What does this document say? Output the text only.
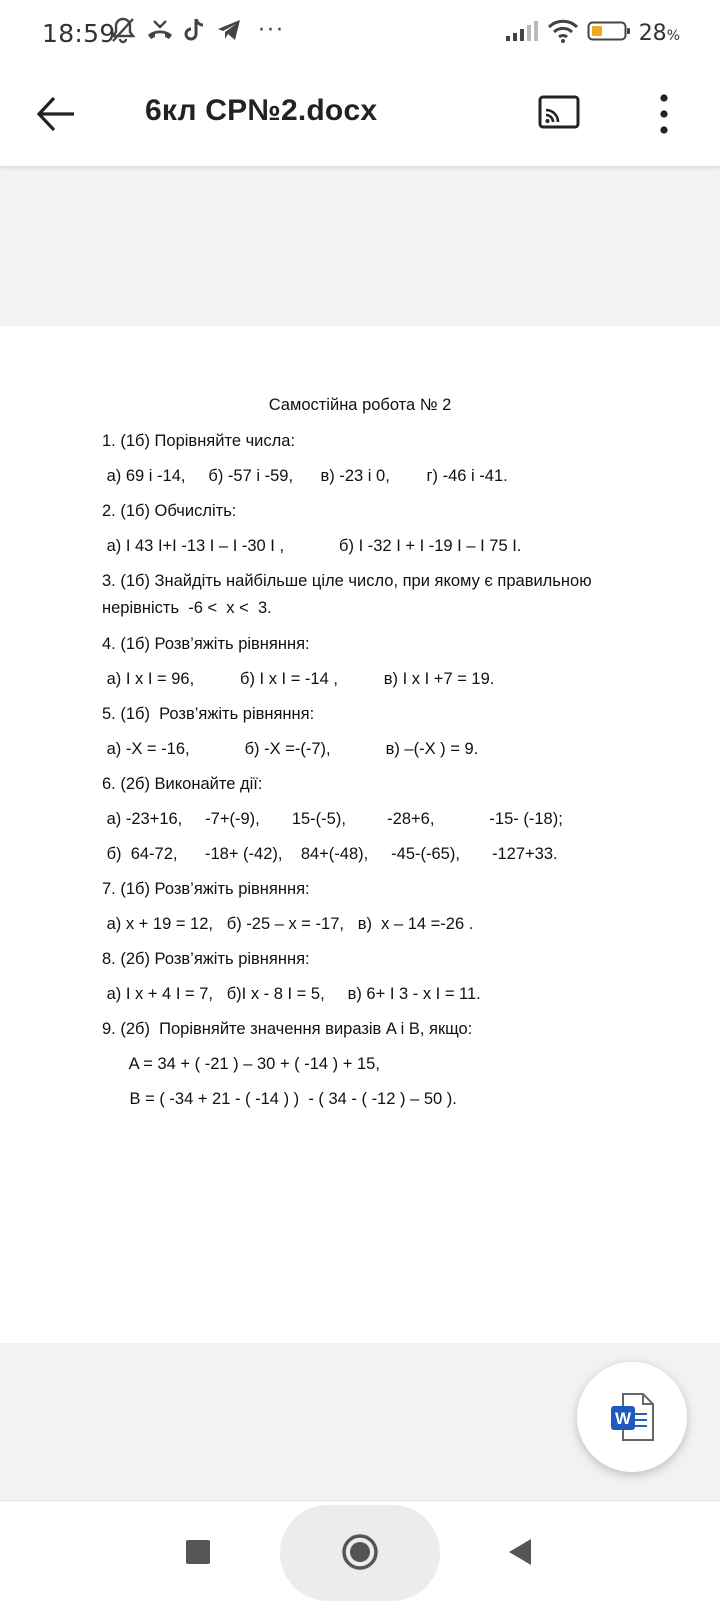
18:59	···	28%
6кл СР№2.docx
Самостійна робота № 2
1. (1б) Порівняйте числа:
а) 69 і -14,     б) -57 і -59,      в) -23 і 0,        г) -46 і -41.
2. (1б) Обчисліть:
а) I 43 I+I -13 I – I -30 I ,            б) I -32 I + I -19 I – I 75 I.
3. (1б) Знайдіть найбільше ціле число, при якому є правильною
нерівність  -6 <  x <  3.
4. (1б) Розв’яжіть рівняння:
а) I x I = 96,          б) I x I = -14 ,          в) I x I +7 = 19.
5. (1б)  Розв’яжіть рівняння:
а) -X = -16,            б) -X =-(-7),            в) –(-X ) = 9.
6. (2б) Виконайте дії:
а) -23+16,     -7+(-9),       15-(-5),         -28+6,            -15- (-18);
б)  64-72,      -18+ (-42),    84+(-48),     -45-(-65),       -127+33.
7. (1б) Розв’яжіть рівняння:
а) x + 19 = 12,   б) -25 – x = -17,   в)  x – 14 =-26 .
8. (2б) Розв’яжіть рівняння:
а) I x + 4 I = 7,   б)I x - 8 I = 5,     в) 6+ I 3 - x I = 11.
9. (2б)  Порівняйте значення виразів A і B, якщо:
A = 34 + ( -21 ) – 30 + ( -14 ) + 15,
B = ( -34 + 21 - ( -14 ) )  - ( 34 - ( -12 ) – 50 ).
W
